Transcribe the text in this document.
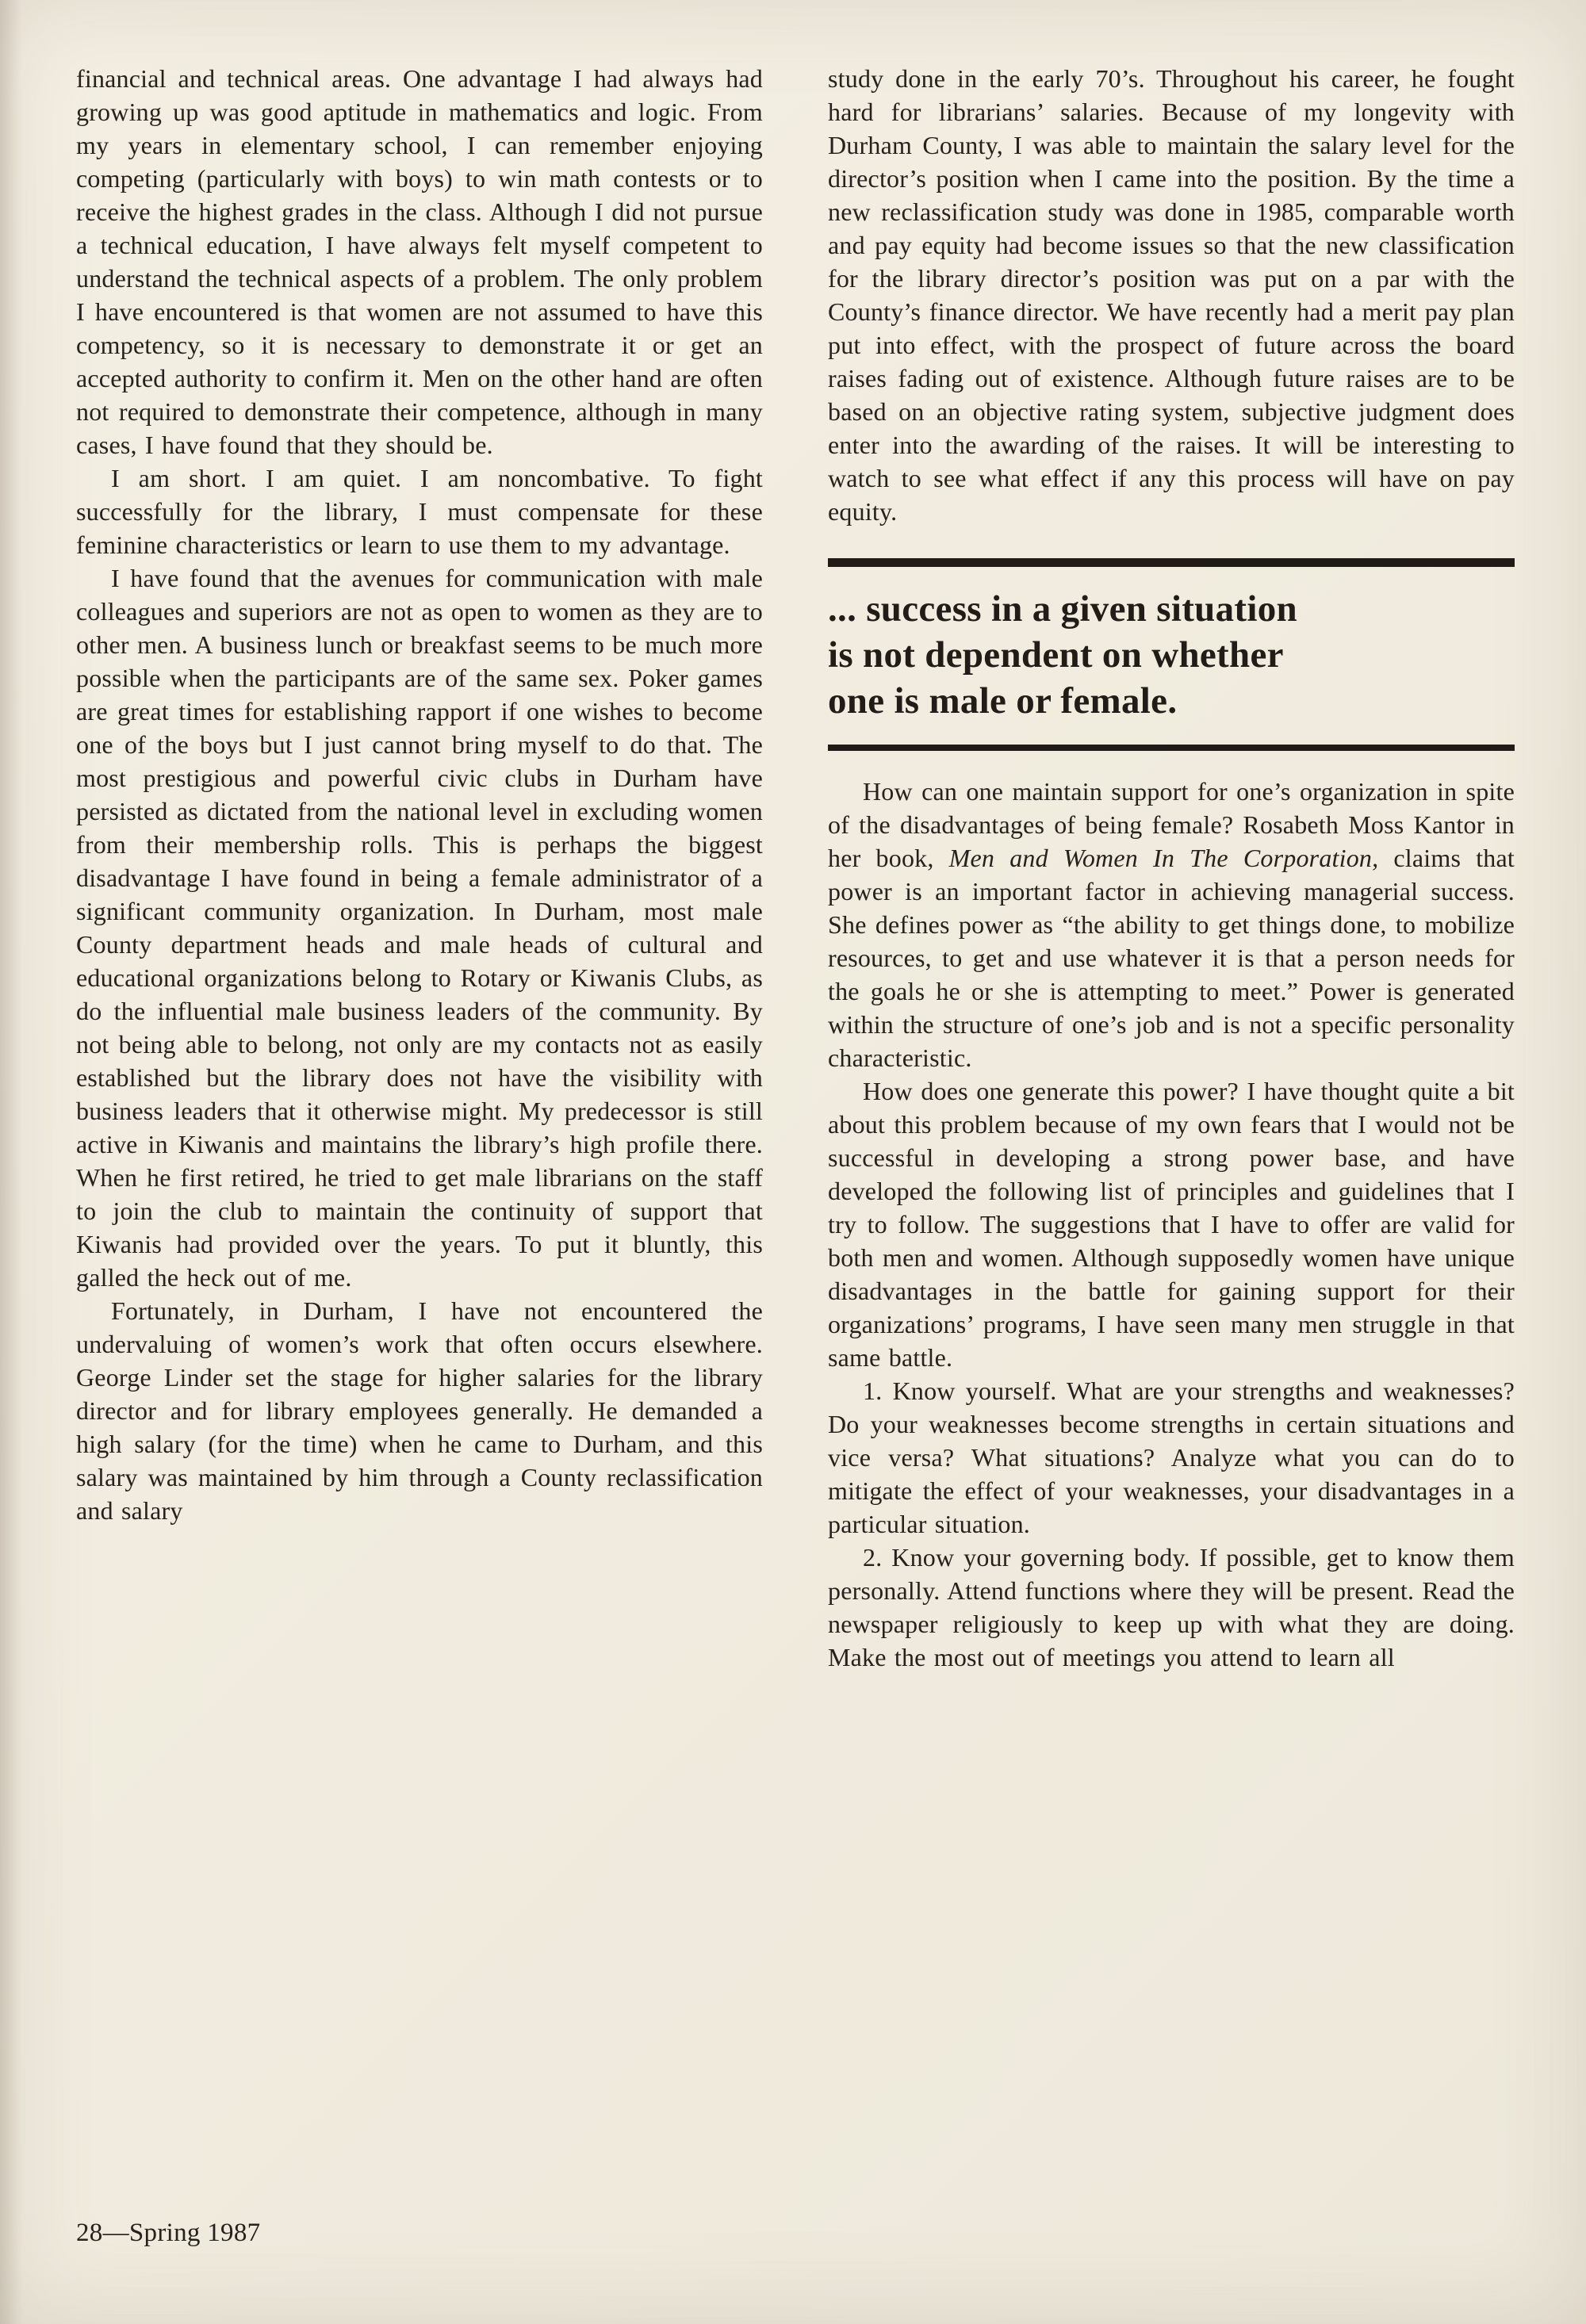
financial and technical areas. One advantage I had always had growing up was good aptitude in mathematics and logic. From my years in elementary school, I can remember enjoying competing (particularly with boys) to win math contests or to receive the highest grades in the class. Although I did not pursue a technical education, I have always felt myself competent to understand the technical aspects of a problem. The only problem I have encountered is that women are not assumed to have this competency, so it is necessary to demonstrate it or get an accepted authority to confirm it. Men on the other hand are often not required to demonstrate their competence, although in many cases, I have found that they should be.

I am short. I am quiet. I am noncombative. To fight successfully for the library, I must compensate for these feminine characteristics or learn to use them to my advantage.

I have found that the avenues for communication with male colleagues and superiors are not as open to women as they are to other men. A business lunch or breakfast seems to be much more possible when the participants are of the same sex. Poker games are great times for establishing rapport if one wishes to become one of the boys but I just cannot bring myself to do that. The most prestigious and powerful civic clubs in Durham have persisted as dictated from the national level in excluding women from their membership rolls. This is perhaps the biggest disadvantage I have found in being a female administrator of a significant community organization. In Durham, most male County department heads and male heads of cultural and educational organizations belong to Rotary or Kiwanis Clubs, as do the influential male business leaders of the community. By not being able to belong, not only are my contacts not as easily established but the library does not have the visibility with business leaders that it otherwise might. My predecessor is still active in Kiwanis and maintains the library’s high profile there. When he first retired, he tried to get male librarians on the staff to join the club to maintain the continuity of support that Kiwanis had provided over the years. To put it bluntly, this galled the heck out of me.

Fortunately, in Durham, I have not encountered the undervaluing of women’s work that often occurs elsewhere. George Linder set the stage for higher salaries for the library director and for library employees generally. He demanded a high salary (for the time) when he came to Durham, and this salary was maintained by him through a County reclassification and salary

study done in the early 70’s. Throughout his career, he fought hard for librarians’ salaries. Because of my longevity with Durham County, I was able to maintain the salary level for the director’s position when I came into the position. By the time a new reclassification study was done in 1985, comparable worth and pay equity had become issues so that the new classification for the library director’s position was put on a par with the County’s finance director. We have recently had a merit pay plan put into effect, with the prospect of future across the board raises fading out of existence. Although future raises are to be based on an objective rating system, subjective judgment does enter into the awarding of the raises. It will be interesting to watch to see what effect if any this process will have on pay equity.

... success in a given situation
is not dependent on whether
one is male or female.

How can one maintain support for one’s organization in spite of the disadvantages of being female? Rosabeth Moss Kantor in her book, Men and Women In The Corporation, claims that power is an important factor in achieving managerial success. She defines power as “the ability to get things done, to mobilize resources, to get and use whatever it is that a person needs for the goals he or she is attempting to meet.” Power is generated within the structure of one’s job and is not a specific personality characteristic.

How does one generate this power? I have thought quite a bit about this problem because of my own fears that I would not be successful in developing a strong power base, and have developed the following list of principles and guidelines that I try to follow. The suggestions that I have to offer are valid for both men and women. Although supposedly women have unique disadvantages in the battle for gaining support for their organizations’ programs, I have seen many men struggle in that same battle.

1. Know yourself. What are your strengths and weaknesses? Do your weaknesses become strengths in certain situations and vice versa? What situations? Analyze what you can do to mitigate the effect of your weaknesses, your disadvantages in a particular situation.

2. Know your governing body. If possible, get to know them personally. Attend functions where they will be present. Read the newspaper religiously to keep up with what they are doing. Make the most out of meetings you attend to learn all

28—Spring 1987
